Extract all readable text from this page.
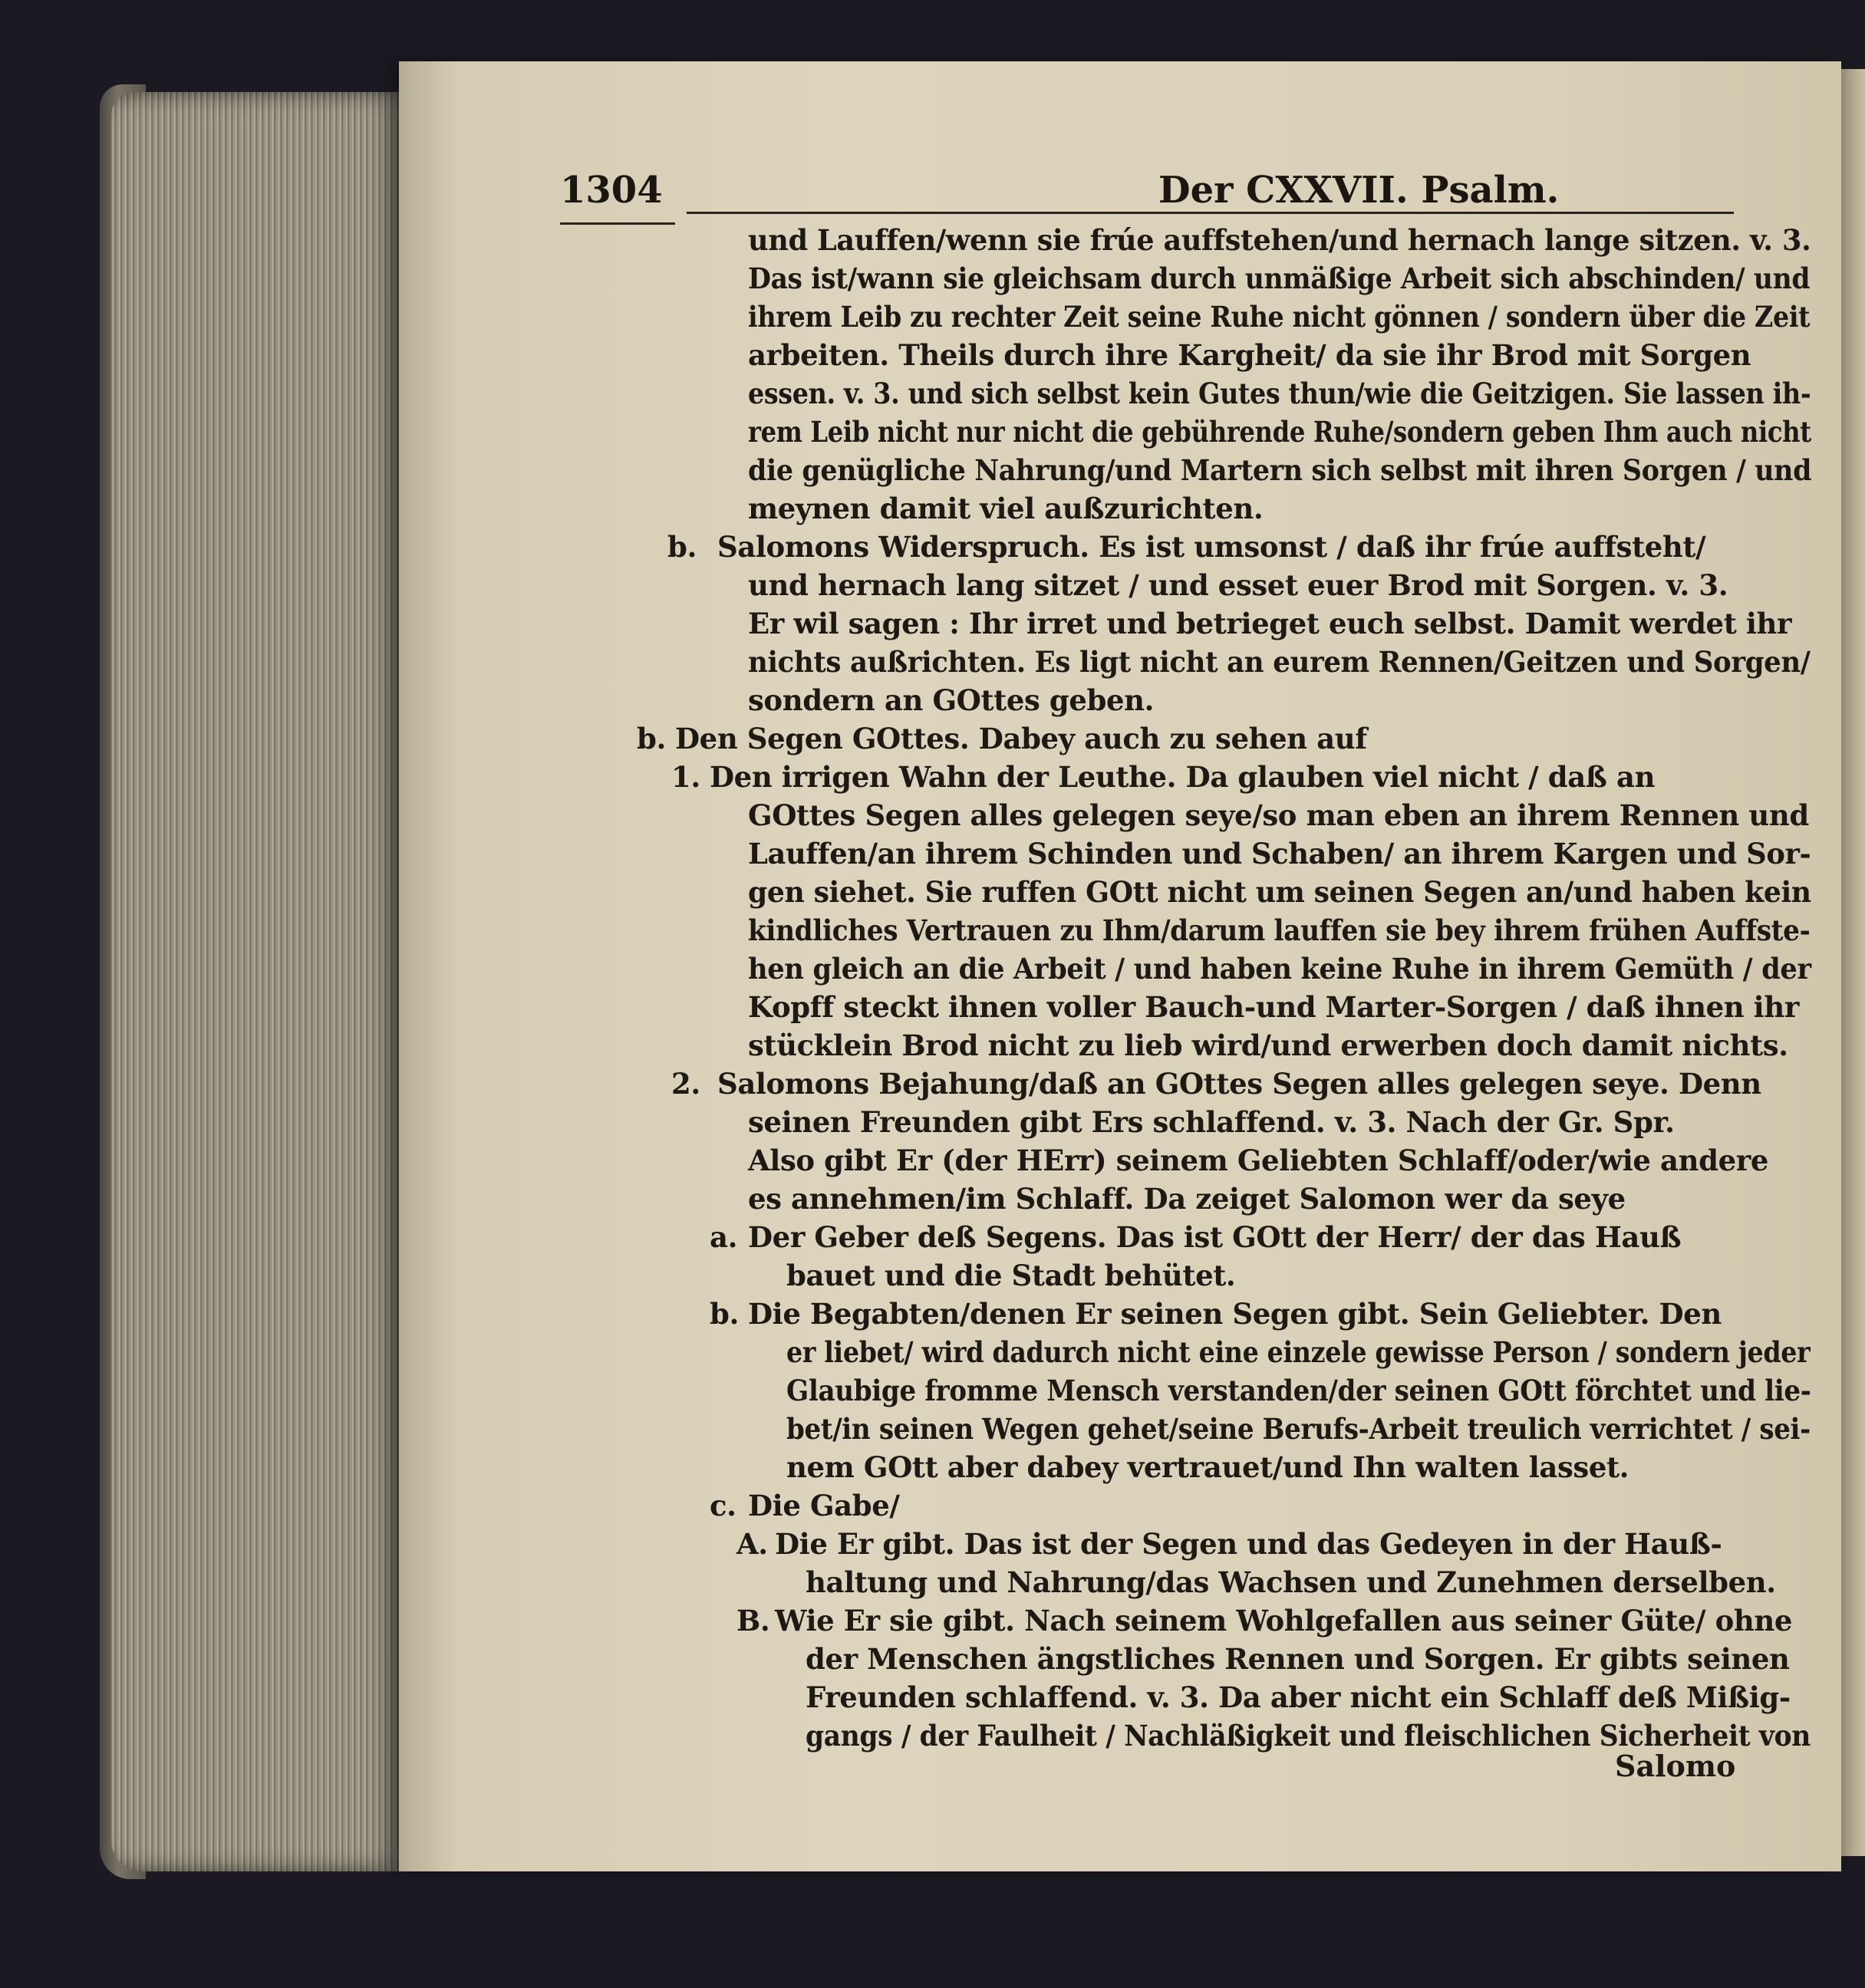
1304	Der CXXVII. Psalm.
und Lauffen/wenn sie frúe auffstehen/und hernach lange sitzen. v. 3.
Das ist/wann sie gleichsam durch unmäßige Arbeit sich abschinden/ und
ihrem Leib zu rechter Zeit seine Ruhe nicht gönnen / sondern über die Zeit
arbeiten. Theils durch ihre Kargheit/ da sie ihr Brod mit Sorgen
essen. v. 3. und sich selbst kein Gutes thun/wie die Geitzigen. Sie lassen ih-
rem Leib nicht nur nicht die gebührende Ruhe/sondern geben Ihm auch nicht
die genügliche Nahrung/und Martern sich selbst mit ihren Sorgen / und
meynen damit viel außzurichten.
b. Salomons Widerspruch. Es ist umsonst / daß ihr frúe auffsteht/
und hernach lang sitzet / und esset euer Brod mit Sorgen. v. 3.
Er wil sagen : Ihr irret und betrieget euch selbst. Damit werdet ihr
nichts außrichten. Es ligt nicht an eurem Rennen/Geitzen und Sorgen/
sondern an GOttes geben.
b. Den Segen GOttes. Dabey auch zu sehen auf
1. Den irrigen Wahn der Leuthe. Da glauben viel nicht / daß an
GOttes Segen alles gelegen seye/so man eben an ihrem Rennen und
Lauffen/an ihrem Schinden und Schaben/ an ihrem Kargen und Sor-
gen siehet. Sie ruffen GOtt nicht um seinen Segen an/und haben kein
kindliches Vertrauen zu Ihm/darum lauffen sie bey ihrem frühen Auffste-
hen gleich an die Arbeit / und haben keine Ruhe in ihrem Gemüth / der
Kopff steckt ihnen voller Bauch-und Marter-Sorgen / daß ihnen ihr
stücklein Brod nicht zu lieb wird/und erwerben doch damit nichts.
2. Salomons Bejahung/daß an GOttes Segen alles gelegen seye. Denn
seinen Freunden gibt Ers schlaffend. v. 3. Nach der Gr. Spr.
Also gibt Er (der HErr) seinem Geliebten Schlaff/oder/wie andere
es annehmen/im Schlaff. Da zeiget Salomon wer da seye
a. Der Geber deß Segens. Das ist GOtt der Herr/ der das Hauß
bauet und die Stadt behütet.
b. Die Begabten/denen Er seinen Segen gibt. Sein Geliebter. Den
er liebet/ wird dadurch nicht eine einzele gewisse Person / sondern jeder
Glaubige fromme Mensch verstanden/der seinen GOtt förchtet und lie-
bet/in seinen Wegen gehet/seine Berufs-Arbeit treulich verrichtet / sei-
nem GOtt aber dabey vertrauet/und Ihn walten lasset.
c. Die Gabe/
A. Die Er gibt. Das ist der Segen und das Gedeyen in der Hauß-
haltung und Nahrung/das Wachsen und Zunehmen derselben.
B. Wie Er sie gibt. Nach seinem Wohlgefallen aus seiner Güte/ ohne
der Menschen ängstliches Rennen und Sorgen. Er gibts seinen
Freunden schlaffend. v. 3. Da aber nicht ein Schlaff deß Mißig-
gangs / der Faulheit / Nachläßigkeit und fleischlichen Sicherheit von
Salomo
